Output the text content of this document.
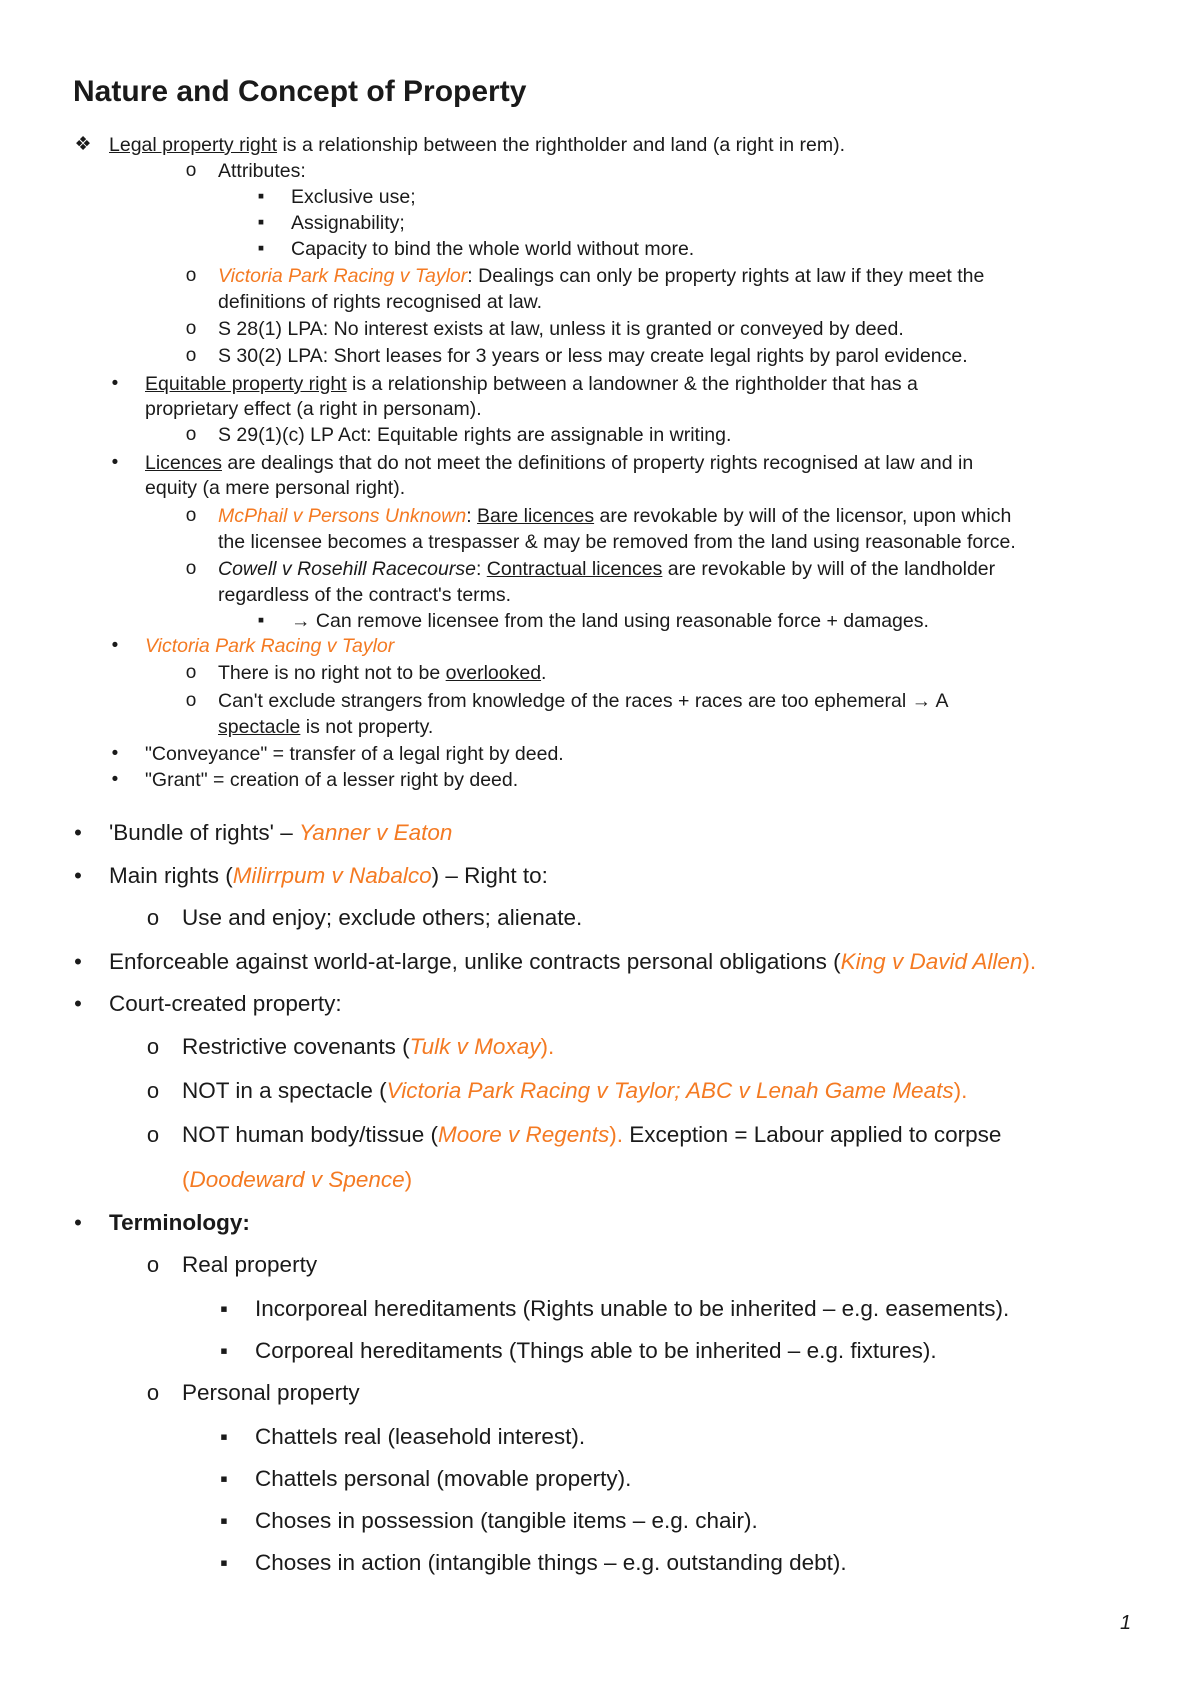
Nature and Concept of Property
❖ Legal property right is a relationship between the rightholder and land (a right in rem).
o Attributes:
▪	Exclusive use;
▪	Assignability;
▪	Capacity to bind the whole world without more.
o Victoria Park Racing v Taylor: Dealings can only be property rights at law if they meet the
definitions of rights recognised at law.
o S 28(1) LPA: No interest exists at law, unless it is granted or conveyed by deed.
o S 30(2) LPA: Short leases for 3 years or less may create legal rights by parol evidence.
•	Equitable property right is a relationship between a landowner & the rightholder that has a
proprietary effect (a right in personam).
o S 29(1)(c) LP Act: Equitable rights are assignable in writing.
•	Licences are dealings that do not meet the definitions of property rights recognised at law and in
equity (a mere personal right).
o McPhail v Persons Unknown: Bare licences are revokable by will of the licensor, upon which
the licensee becomes a trespasser & may be removed from the land using reasonable force.
o Cowell v Rosehill Racecourse: Contractual licences are revokable by will of the landholder
regardless of the contract's terms.
▪	→ Can remove licensee from the land using reasonable force + damages.
•	Victoria Park Racing v Taylor
o There is no right not to be overlooked.
o Can't exclude strangers from knowledge of the races + races are too ephemeral → A
spectacle is not property.
•	"Conveyance" = transfer of a legal right by deed.
•	"Grant" = creation of a lesser right by deed.
• 'Bundle of rights' – Yanner v Eaton
• Main rights (Milirrpum v Nabalco) – Right to:
o Use and enjoy; exclude others; alienate.
• Enforceable against world-at-large, unlike contracts personal obligations (King v David Allen).
• Court-created property:
o Restrictive covenants (Tulk v Moxay).
o NOT in a spectacle (Victoria Park Racing v Taylor; ABC v Lenah Game Meats).
o NOT human body/tissue (Moore v Regents). Exception = Labour applied to corpse
(Doodeward v Spence)
• Terminology:
o Real property
▪ Incorporeal hereditaments (Rights unable to be inherited – e.g. easements).
▪ Corporeal hereditaments (Things able to be inherited – e.g. fixtures).
o Personal property
▪ Chattels real (leasehold interest).
▪ Chattels personal (movable property).
▪ Choses in possession (tangible items – e.g. chair).
▪ Choses in action (intangible things – e.g. outstanding debt).
1
